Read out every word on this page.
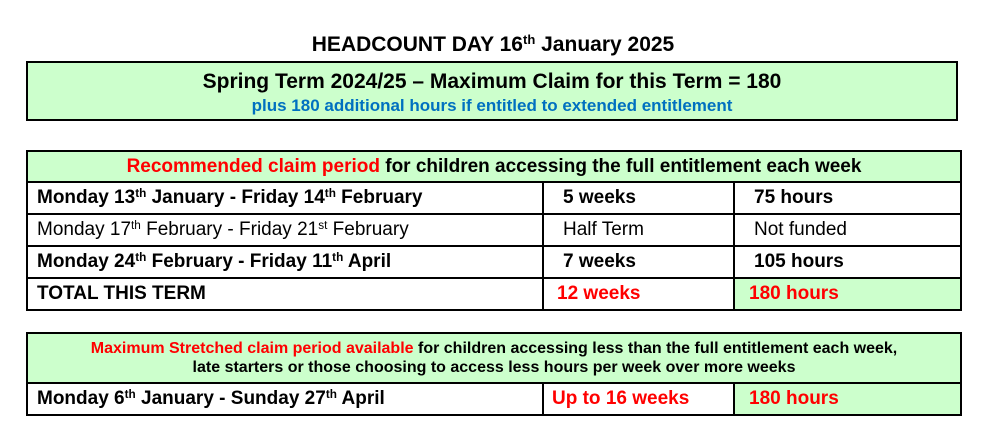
HEADCOUNT DAY 16th January 2025
Spring Term 2024/25 – Maximum Claim for this Term = 180
plus 180 additional hours if entitled to extended entitlement
Recommended claim period for children accessing the full entitlement each week		
Monday 13th January - Friday 14th February	5 weeks	75 hours
Monday 17th February - Friday 21st February	Half Term	Not funded
Monday 24th February - Friday 11th April	7 weeks	105 hours
TOTAL THIS TERM	12 weeks	180 hours
Maximum Stretched claim period available for children accessing less than the full entitlement each week,
late starters or those choosing to access less hours per week over more weeks

Monday 6th January - Sunday 27th April	Up to 16 weeks	180 hours
